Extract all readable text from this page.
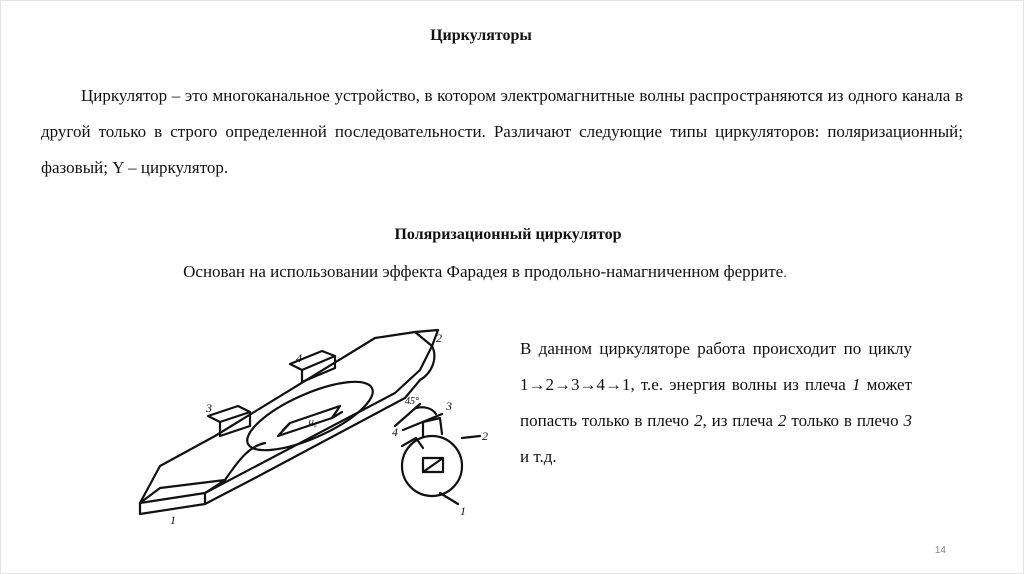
Циркуляторы

Циркулятор – это многоканальное устройство, в котором электромагнитные волны распространяются из одного канала в другой только в строго определенной последовательности. Различают следующие типы циркуляторов: поляризационный; фазовый; Y – циркулятор.

Поляризационный циркулятор
Основан на использовании эффекта Фарадея в продольно-намагниченном феррите.
1
2
3
4
H₀
45° 3
4	2
1

В данном циркуляторе работа происходит по циклу 1→2→3→4→1, т.е. энергия волны из плеча 1 может попасть только в плечо 2, из плеча 2 только в плечо 3 и т.д.

14
